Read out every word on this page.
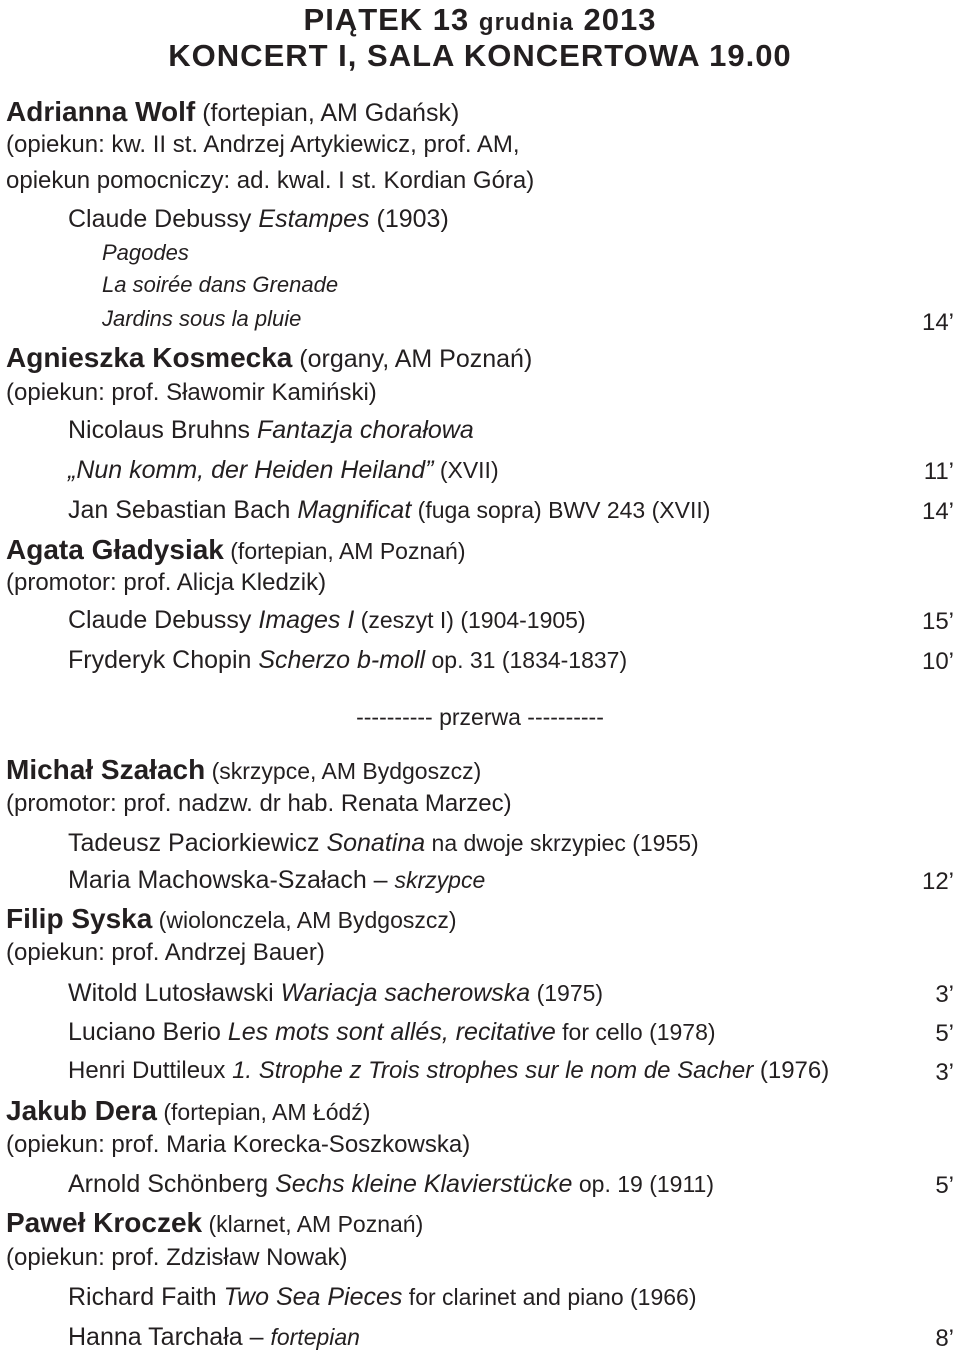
PIĄTEK 13 grudnia 2013
KONCERT I, SALA KONCERTOWA 19.00
Adrianna Wolf (fortepian, AM Gdańsk)
(opiekun: kw. II st. Andrzej Artykiewicz, prof. AM,
opiekun pomocniczy: ad. kwal. I st. Kordian Góra)
Claude Debussy Estampes (1903)
Pagodes
La soirée dans Grenade
Jardins sous la pluie	14’
Agnieszka Kosmecka (organy, AM Poznań)
(opiekun: prof. Sławomir Kamiński)
Nicolaus Bruhns Fantazja chorałowa
„Nun komm, der Heiden Heiland” (XVII)	11’
Jan Sebastian Bach Magnificat (fuga sopra) BWV 243 (XVII)	14’
Agata Gładysiak (fortepian, AM Poznań)
(promotor: prof. Alicja Kledzik)
Claude Debussy Images I (zeszyt I) (1904-1905)	15’
Fryderyk Chopin Scherzo b-moll op. 31 (1834-1837)	10’
---------- przerwa ----------
Michał Szałach (skrzypce, AM Bydgoszcz)
(promotor: prof. nadzw. dr hab. Renata Marzec)
Tadeusz Paciorkiewicz Sonatina na dwoje skrzypiec (1955)
Maria Machowska-Szałach – skrzypce	12’
Filip Syska (wiolonczela, AM Bydgoszcz)
(opiekun: prof. Andrzej Bauer)
Witold Lutosławski Wariacja sacherowska (1975)	3’
Luciano Berio Les mots sont allés, recitative for cello (1978)	5’
Henri Duttileux 1. Strophe z Trois strophes sur le nom de Sacher (1976)	3’
Jakub Dera (fortepian, AM Łódź)
(opiekun: prof. Maria Korecka-Soszkowska)
Arnold Schönberg Sechs kleine Klavierstücke op. 19 (1911)	5’
Paweł Kroczek (klarnet, AM Poznań)
(opiekun: prof. Zdzisław Nowak)
Richard Faith Two Sea Pieces for clarinet and piano (1966)
Hanna Tarchała – fortepian	8’
